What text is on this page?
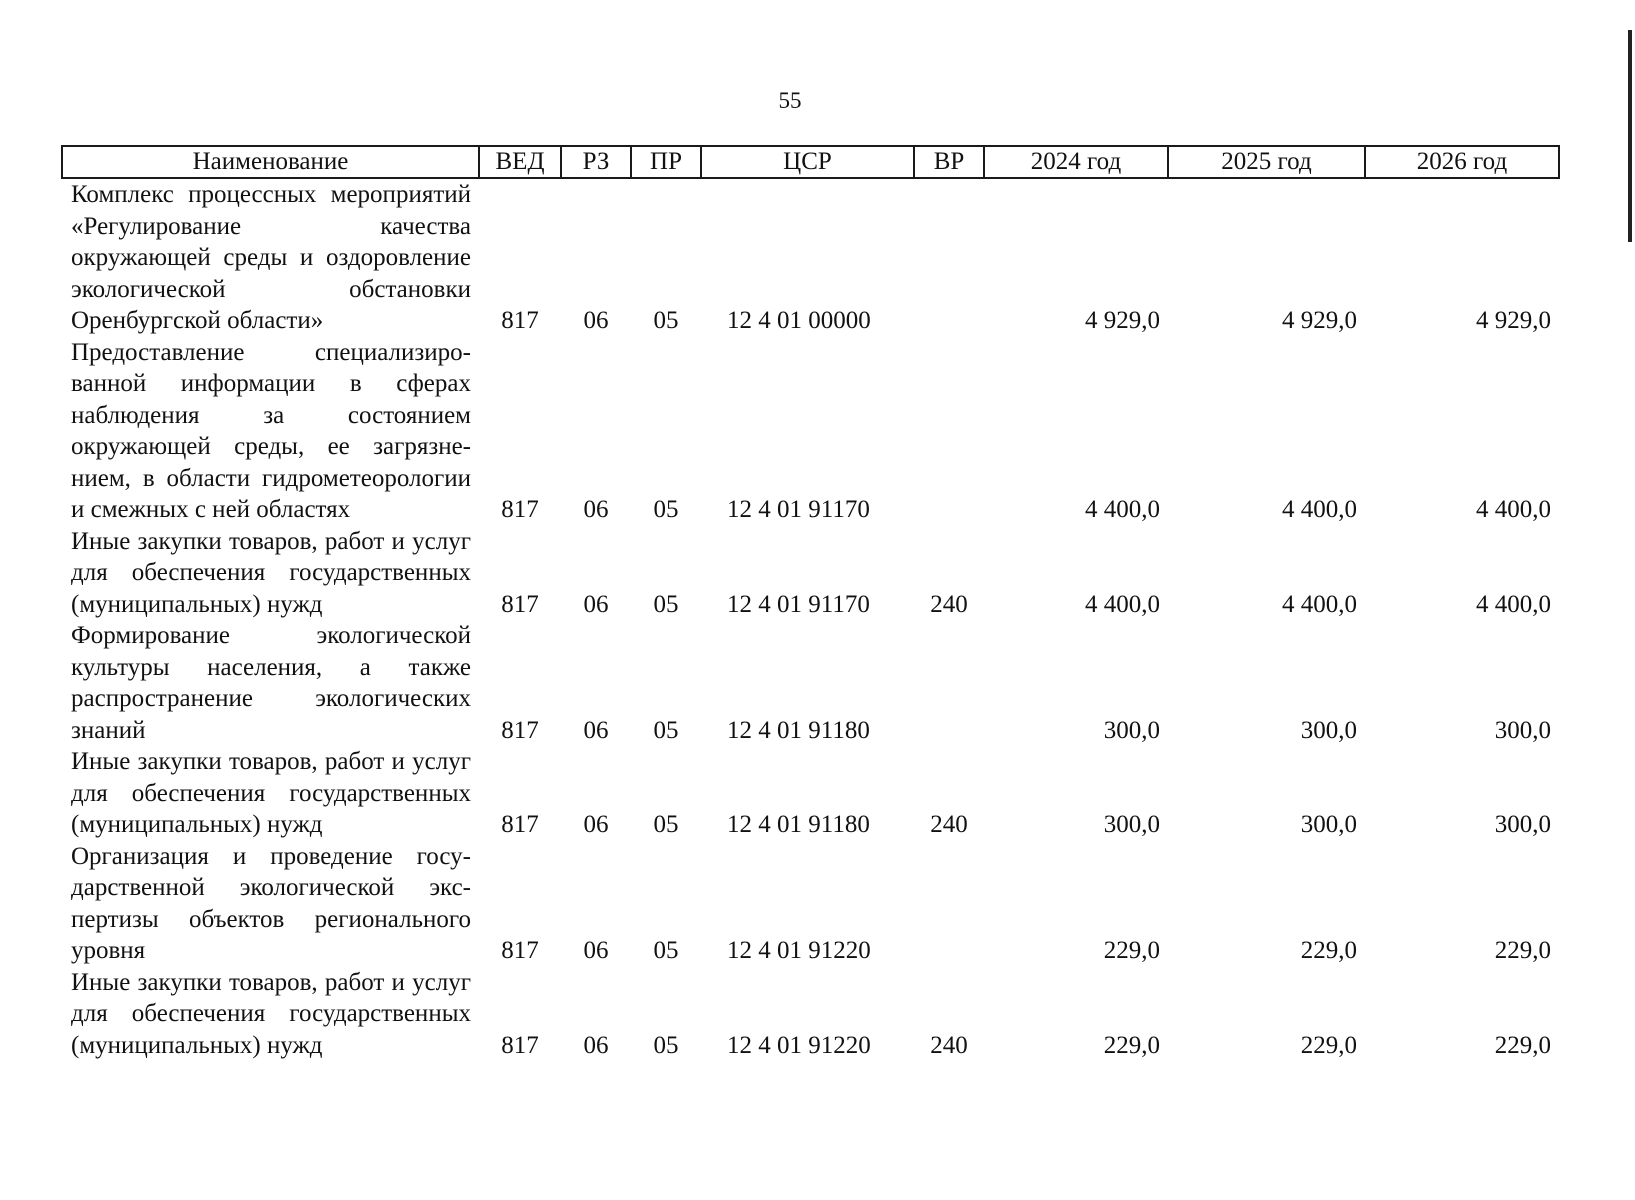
55
Наименование	ВЕД	РЗ	ПР	ЦСР	ВР	2024 год	2025 год	2026 год
Комплекс процессных мероприятий «Регулирование качества окружающей среды и оздоровление экологической обстановки Оренбургской области»	817	06	05	12 4 01 00000		4 929,0	4 929,0	4 929,0
Предоставление специализированной информации в сферах наблюдения за состоянием окружающей среды, ее загрязнением, в области гидрометеорологии и смежных с ней областях	817	06	05	12 4 01 91170		4 400,0	4 400,0	4 400,0
Иные закупки товаров, работ и услуг для обеспечения государственных (муниципальных) нужд	817	06	05	12 4 01 91170	240	4 400,0	4 400,0	4 400,0
Формирование экологической культуры населения, а также распространение экологических знаний	817	06	05	12 4 01 91180		300,0	300,0	300,0
Иные закупки товаров, работ и услуг для обеспечения государственных (муниципальных) нужд	817	06	05	12 4 01 91180	240	300,0	300,0	300,0
Организация и проведение государственной экологической экспертизы объектов регионального уровня	817	06	05	12 4 01 91220		229,0	229,0	229,0
Иные закупки товаров, работ и услуг для обеспечения государственных (муниципальных) нужд	817	06	05	12 4 01 91220	240	229,0	229,0	229,0
